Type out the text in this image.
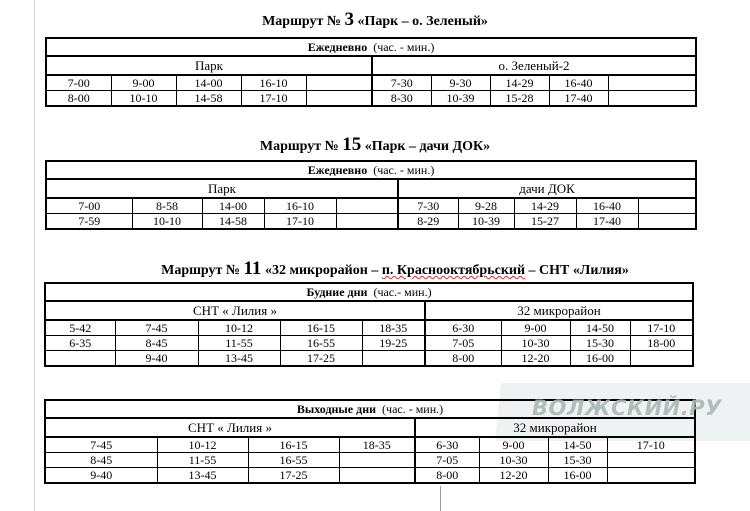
Маршрут № 3 «Парк – о. Зеленый»
Ежедневно (час. - мин.)									
Парк					о. Зеленый-2				
7-00	9-00	14-00	16-10		7-30	9-30	14-29	16-40	
8-00	10-10	14-58	17-10		8-30	10-39	15-28	17-40	
Маршрут № 15 «Парк – дачи ДОК»
Ежедневно (час. - мин.)									
Парк					дачи ДОК				
7-00	8-58	14-00	16-10		7-30	9-28	14-29	16-40	
7-59	10-10	14-58	17-10		8-29	10-39	15-27	17-40	
Маршрут № 11 «32 микрорайон – п. Краснооктябрьский – СНТ «Лилия»
Будние дни (час.- мин.)								
СНТ « Лилия »					32 микрорайон			
5-42	7-45	10-12	16-15	18-35	6-30	9-00	14-50	17-10
6-35	8-45	11-55	16-55	19-25	7-05	10-30	15-30	18-00
	9-40	13-45	17-25		8-00	12-20	16-00	
Выходные дни (час. - мин.)							
СНТ « Лилия »				32 микрорайон			
7-45	10-12	16-15	18-35	6-30	9-00	14-50	17-10
8-45	11-55	16-55		7-05	10-30	15-30	
9-40	13-45	17-25		8-00	12-20	16-00	
ВОЛЖСКИЙ.РУ
